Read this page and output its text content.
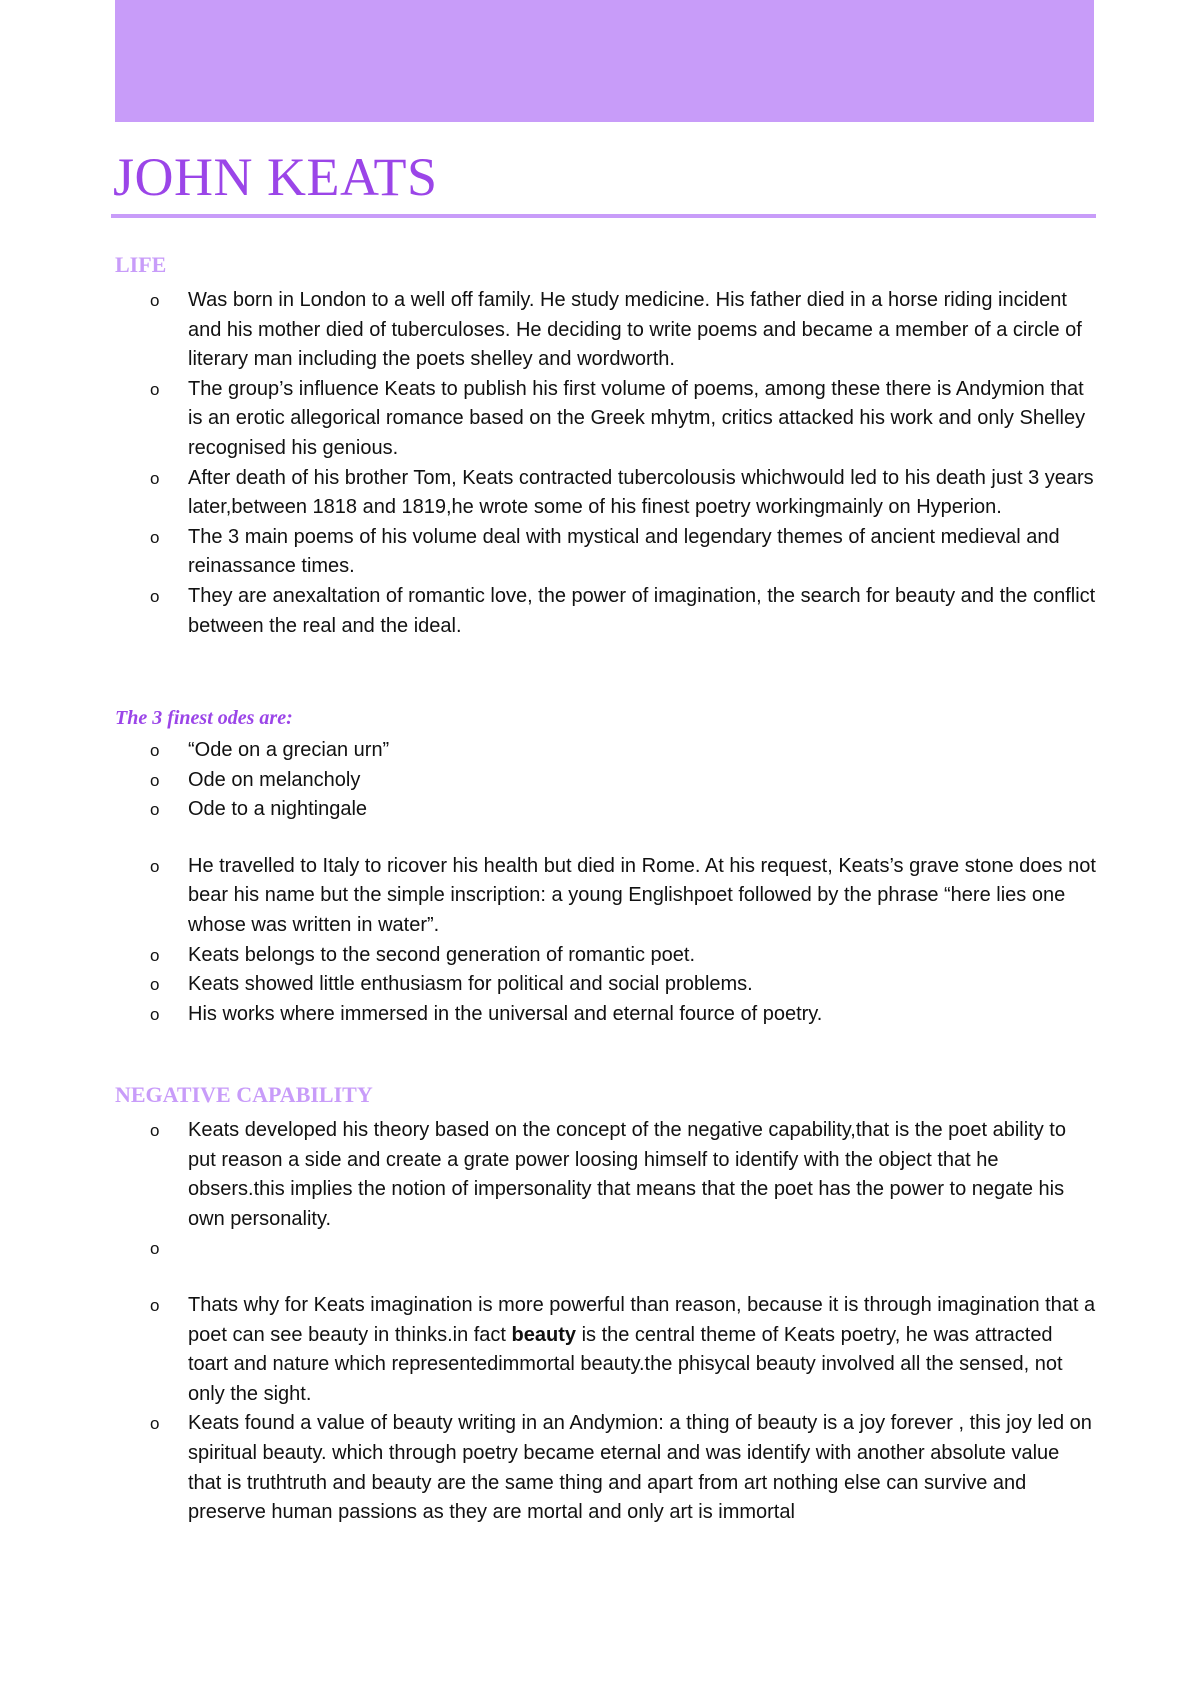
JOHN KEATS
LIFE
o Was born in London to a well off family. He study medicine. His father died in a horse riding incident and his mother died of tuberculoses. He deciding to write poems and became a member of a circle of literary man including the poets shelley and wordworth.
o The group’s influence Keats to publish his first volume of poems, among these there is Andymion that is an erotic allegorical romance based on the Greek mhytm, critics attacked his work and only Shelley recognised his genious.
o After death of his brother Tom, Keats contracted tubercolousis whichwould led to his death just 3 years later,between 1818 and 1819,he wrote some of his finest poetry workingmainly on Hyperion.
o The 3 main poems of his volume deal with mystical and legendary themes of ancient medieval and reinassance times.
o They are anexaltation of romantic love, the power of imagination, the search for beauty and the conflict between the real and the ideal.
The 3 finest odes are:
o “Ode on a grecian urn”
o Ode on melancholy
o Ode to a nightingale
o He travelled to Italy to ricover his health but died in Rome. At his request, Keats’s grave stone does not bear his name but the simple inscription: a young Englishpoet followed by the phrase “here lies one whose was written in water”.
o Keats belongs to the second generation of romantic poet.
o Keats showed little enthusiasm for political and social problems.
o His works where immersed in the universal and eternal fource of poetry.
NEGATIVE CAPABILITY
o Keats developed his theory based on the concept of the negative capability,that is the poet ability to put reason a side and create a grate power loosing himself to identify with the object that he obsers.this implies the notion of impersonality that means that the poet has the power to negate his own personality.
o
o Thats why for Keats imagination is more powerful than reason, because it is through imagination that a poet can see beauty in thinks.in fact beauty is the central theme of Keats poetry, he was attracted toart and nature which representedimmortal beauty.the phisycal beauty involved all the sensed, not only the sight.
o Keats found a value of beauty writing in an Andymion: a thing of beauty is a joy forever , this joy led on spiritual beauty. which through poetry became eternal and was identify with another absolute value that is truthtruth and beauty are the same thing and apart from art nothing else can survive and preserve human passions as they are mortal and only art is immortal
